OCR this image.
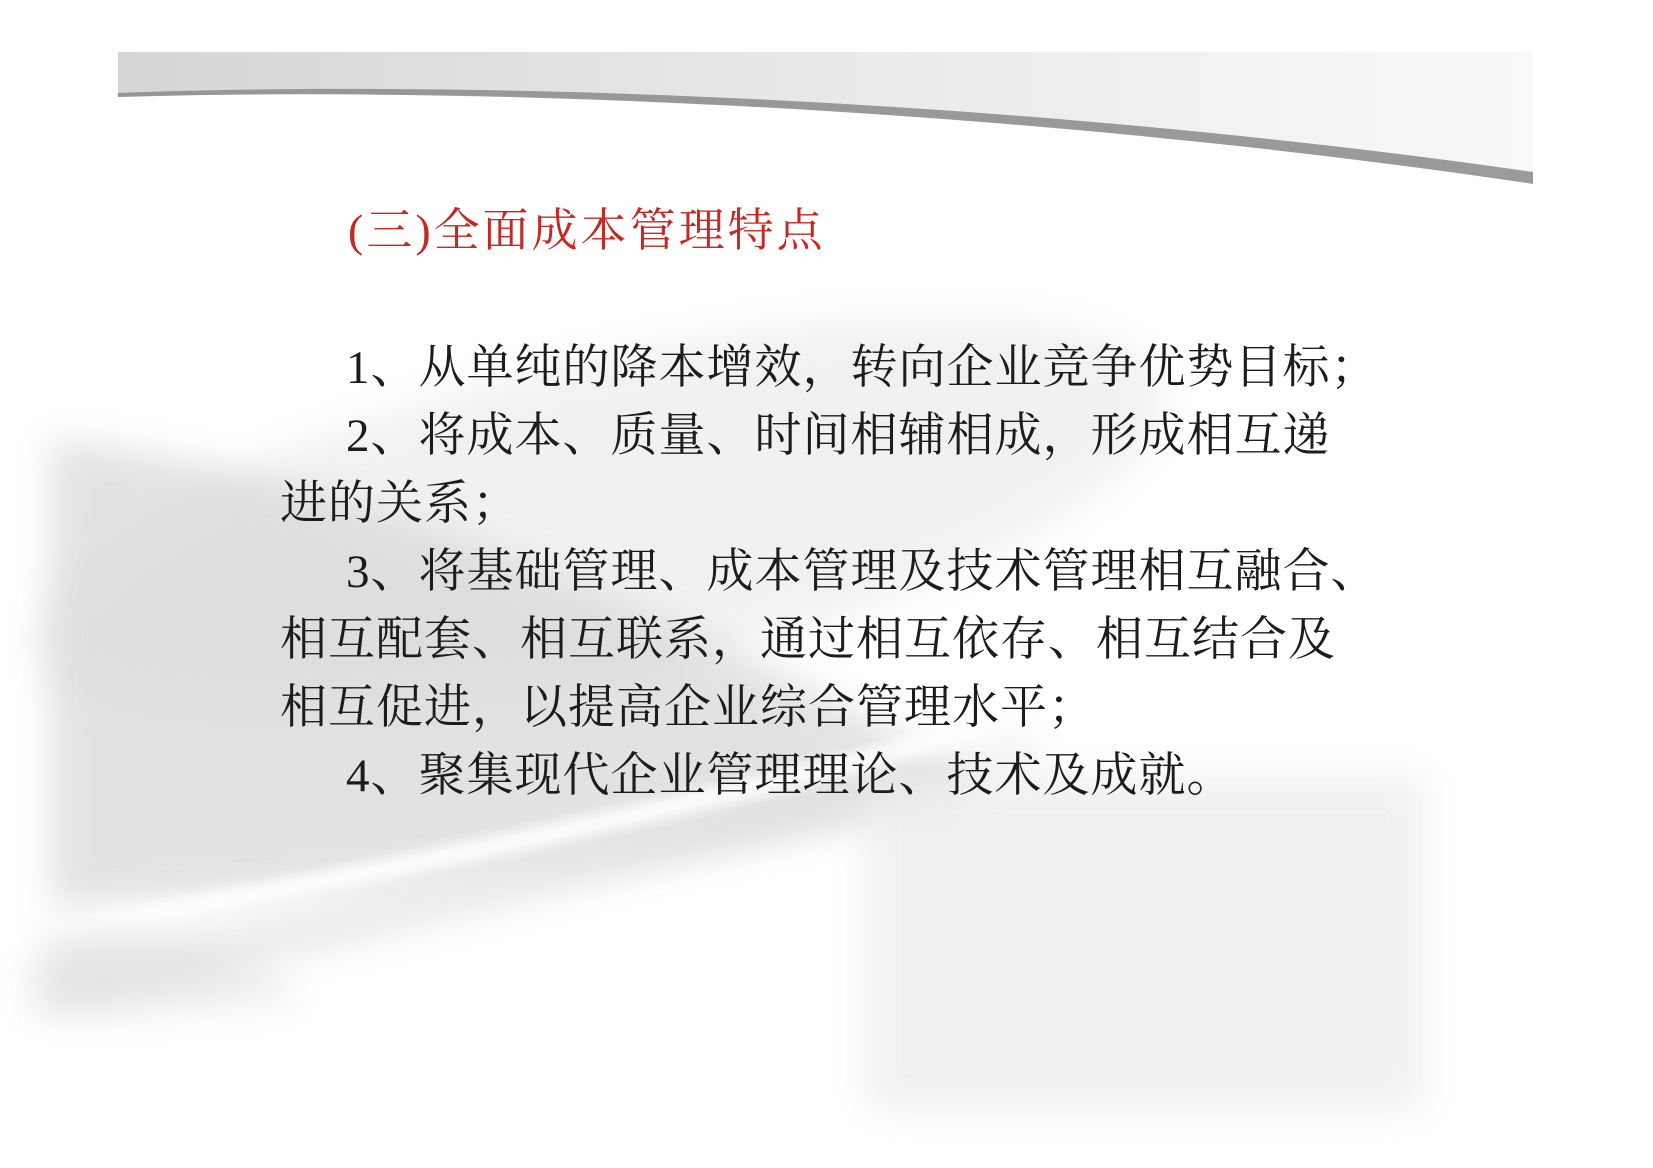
(三)全面成本管理特点
1、从单纯的降本增效，转向企业竞争优势目标；
2、将成本、质量、时间相辅相成，形成相互递
进的关系；
3、将基础管理、成本管理及技术管理相互融合、
相互配套、相互联系，通过相互依存、相互结合及
相互促进，以提高企业综合管理水平；
4、聚集现代企业管理理论、技术及成就。
